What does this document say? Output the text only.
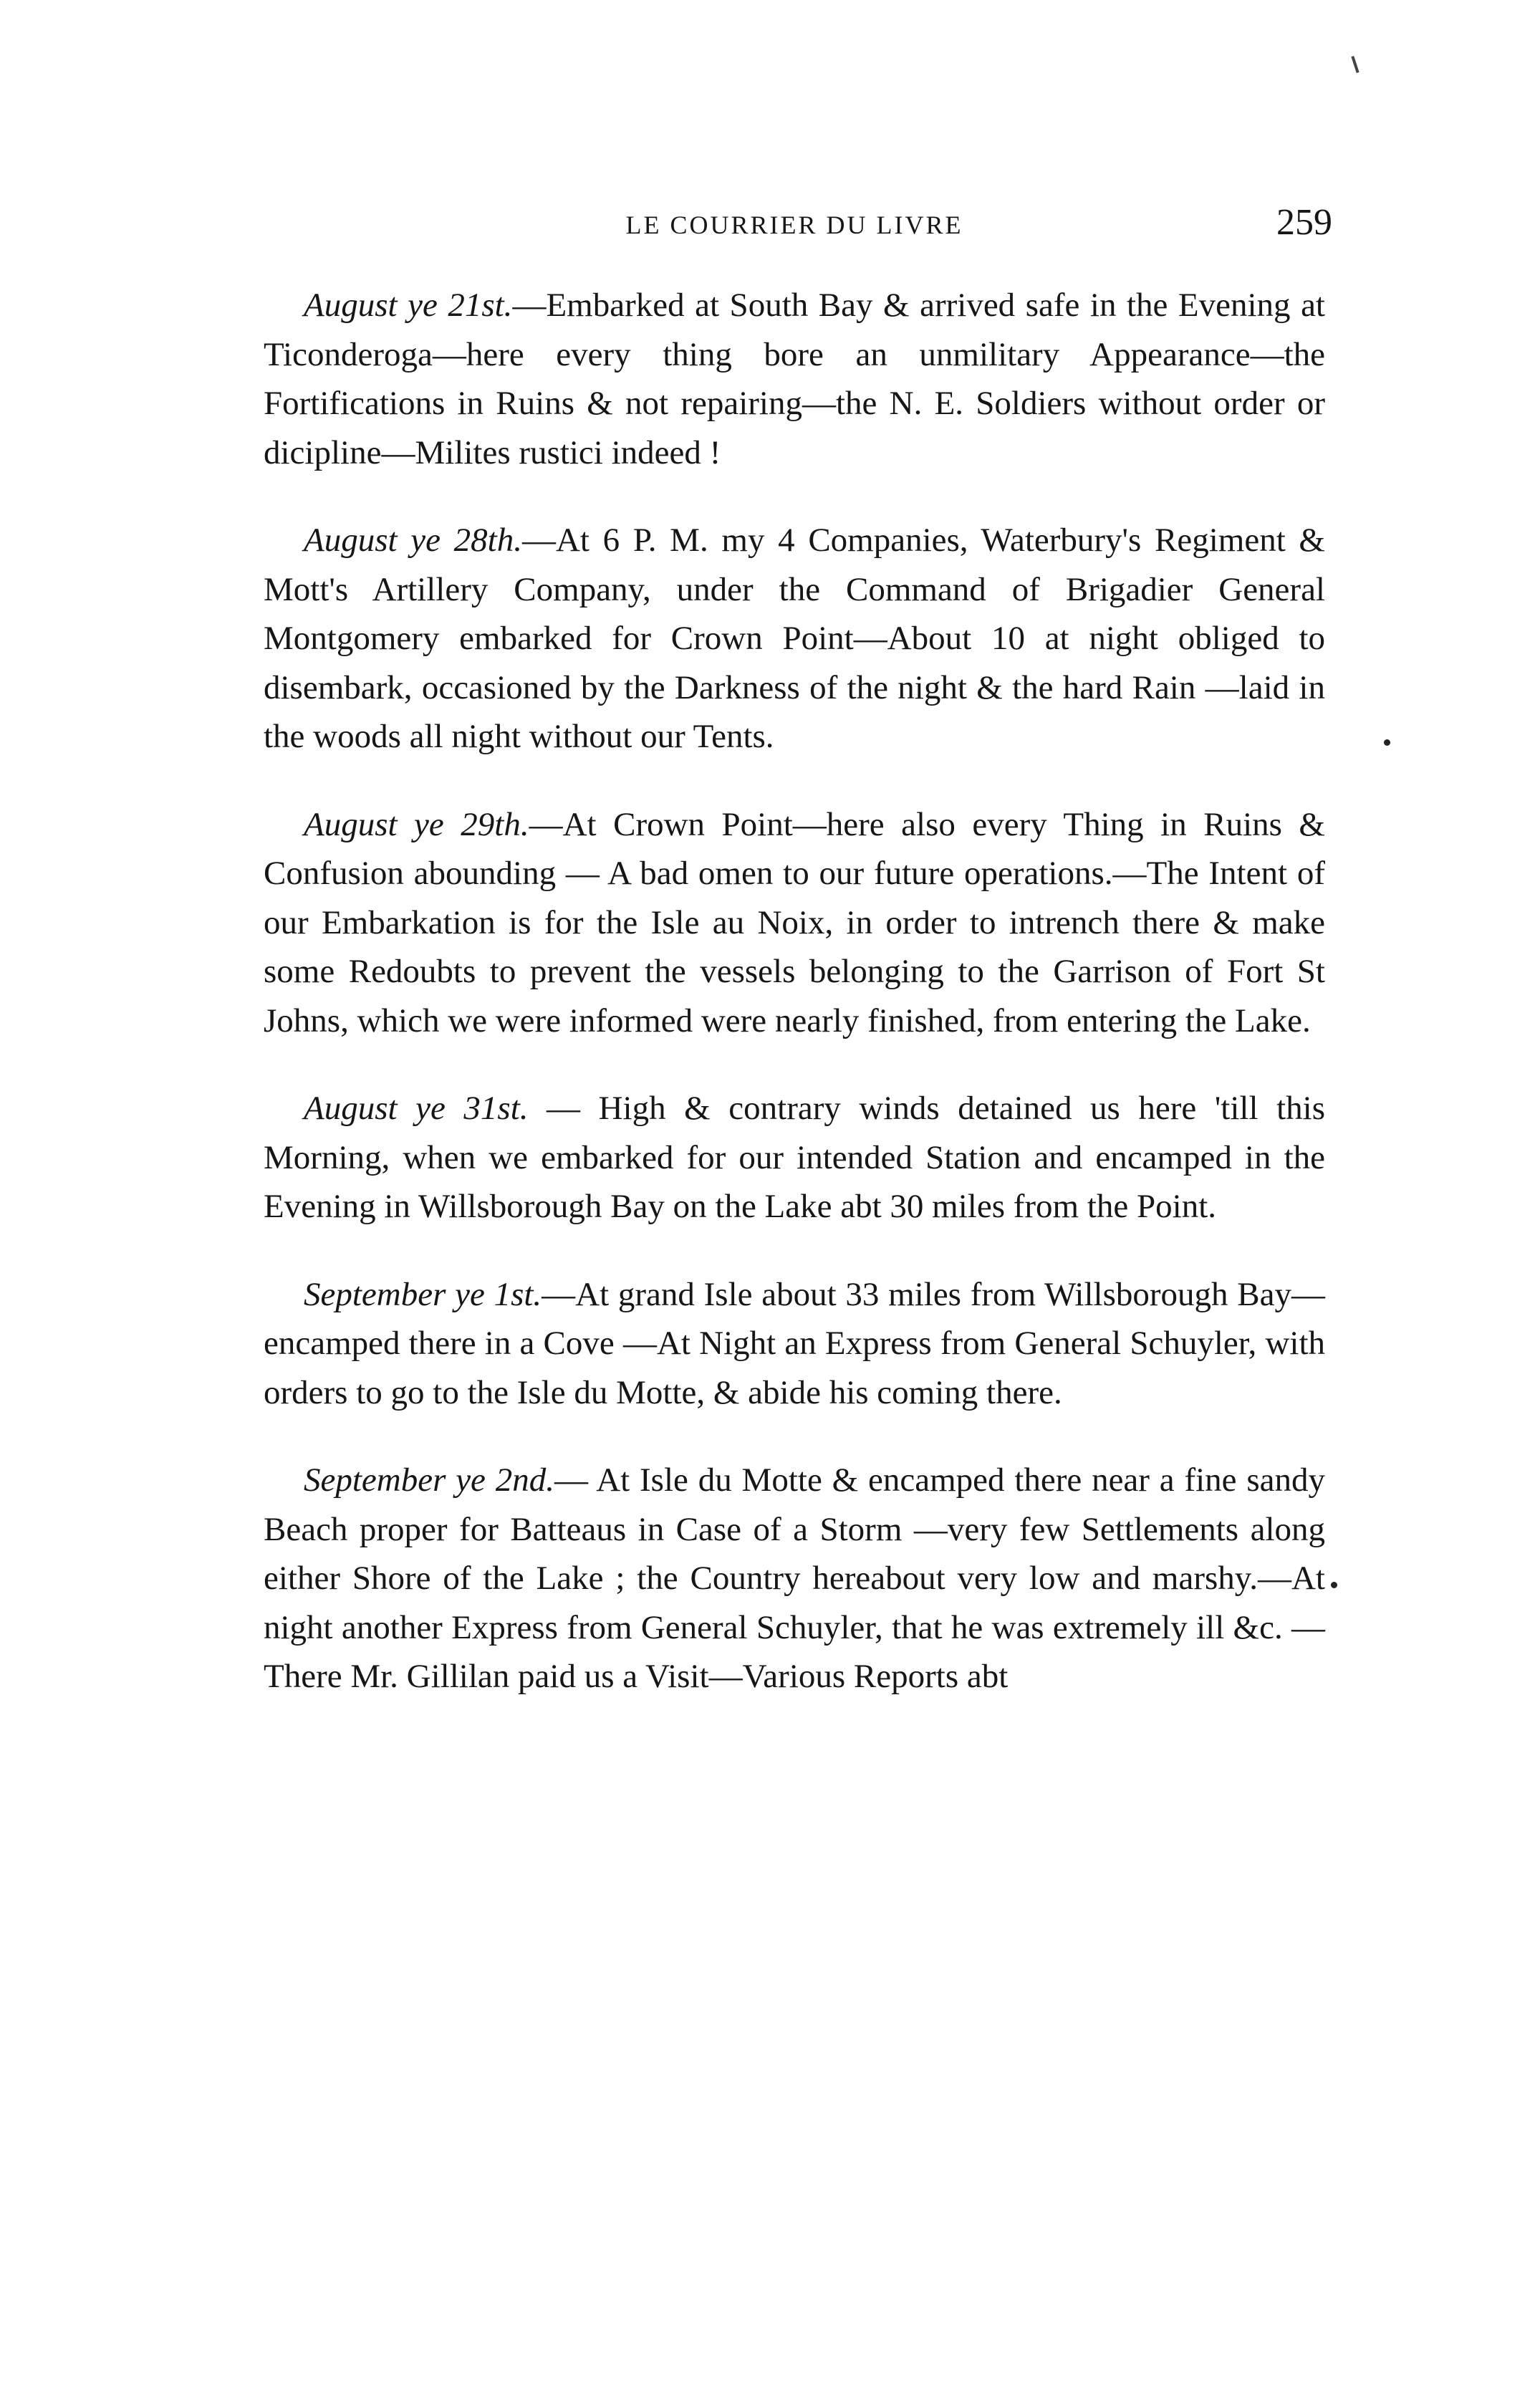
LE COURRIER DU LIVRE	259

August ye 21st.—Embarked at South Bay & arrived safe in the Evening at Ticonderoga—here every thing bore an unmilitary Appearance—the Fortifications in Ruins & not repairing—the N. E. Soldiers without order or dicipline—Milites rustici indeed !

August ye 28th.—At 6 P. M. my 4 Companies, Waterbury's Regiment & Mott's Artillery Company, under the Command of Brigadier General Montgomery embarked for Crown Point—About 10 at night obliged to disembark, occasioned by the Darkness of the night & the hard Rain —laid in the woods all night without our Tents.

August ye 29th.—At Crown Point—here also every Thing in Ruins & Confusion abounding — A bad omen to our future operations.—The Intent of our Embarkation is for the Isle au Noix, in order to intrench there & make some Redoubts to prevent the vessels belonging to the Garrison of Fort St Johns, which we were informed were nearly finished, from entering the Lake.

August ye 31st. — High & contrary winds detained us here 'till this Morning, when we embarked for our intended Station and encamped in the Evening in Willsborough Bay on the Lake abt 30 miles from the Point.

September ye 1st.—At grand Isle about 33 miles from Willsborough Bay—encamped there in a Cove —At Night an Express from General Schuyler, with orders to go to the Isle du Motte, & abide his coming there.

September ye 2nd.— At Isle du Motte & encamped there near a fine sandy Beach proper for Batteaus in Case of a Storm —very few Settlements along either Shore of the Lake ; the Country hereabout very low and marshy.—At night another Express from General Schuyler, that he was extremely ill &c. —There Mr. Gillilan paid us a Visit—Various Reports abt
